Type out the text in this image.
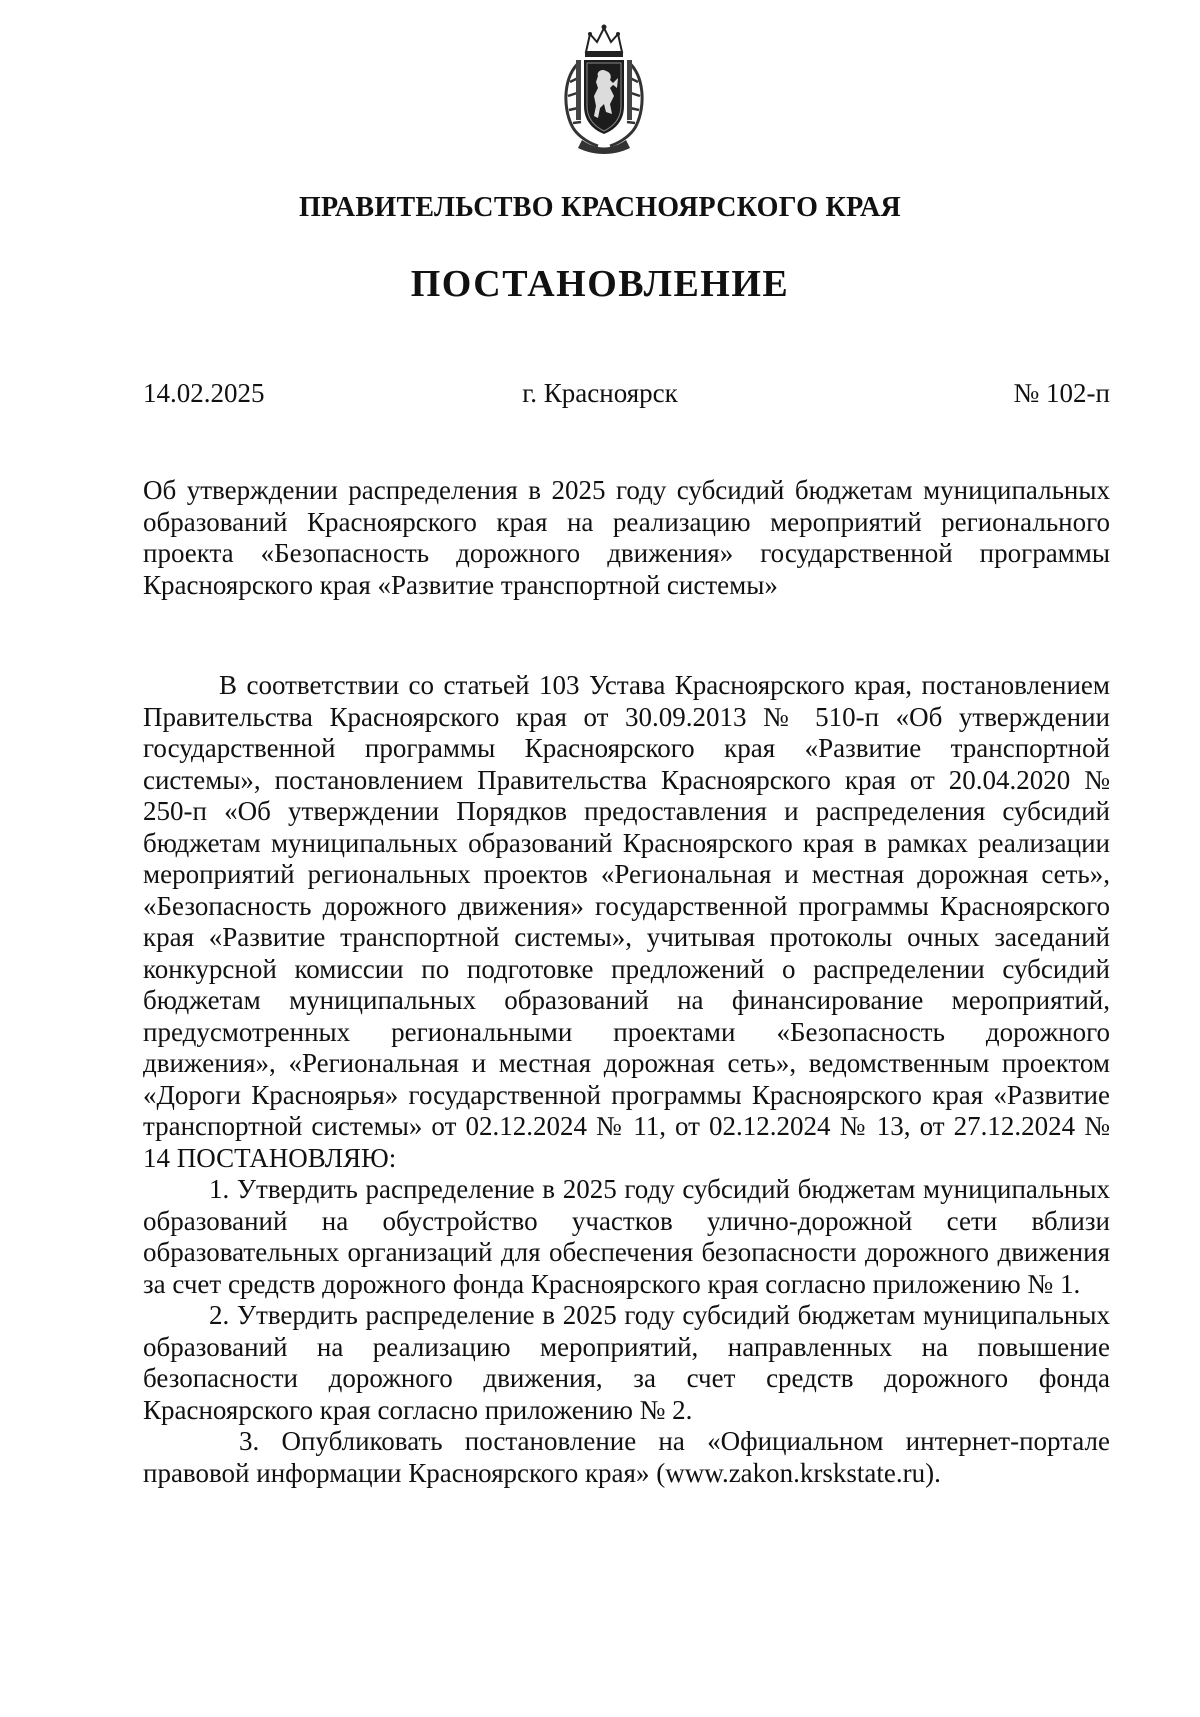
ПРАВИТЕЛЬСТВО КРАСНОЯРСКОГО КРАЯ
ПОСТАНОВЛЕНИЕ
14.02.2025	г. Красноярск	№ 102-п
Об утверждении распределения в 2025 году субсидий бюджетам муниципальных образований Красноярского края на реализацию мероприятий регионального проекта «Безопасность дорожного движения» государственной программы Красноярского края «Развитие транспортной системы»

В соответствии со статьей 103 Устава Красноярского края, постановлением Правительства Красноярского края от 30.09.2013 № 510-п «Об утверждении государственной программы Красноярского края «Развитие транспортной системы», постановлением Правительства Красноярского края от 20.04.2020 № 250-п «Об утверждении Порядков предоставления и распределения субсидий бюджетам муниципальных образований Красноярского края в рамках реализации мероприятий региональных проектов «Региональная и местная дорожная сеть», «Безопасность дорожного движения» государственной программы Красноярского края «Развитие транспортной системы», учитывая протоколы очных заседаний конкурсной комиссии по подготовке предложений о распределении субсидий бюджетам муниципальных образований на финансирование мероприятий, предусмотренных региональными проектами «Безопасность дорожного движения», «Региональная и местная дорожная сеть», ведомственным проектом «Дороги Красноярья» государственной программы Красноярского края «Развитие транспортной системы» от 02.12.2024 № 11, от 02.12.2024 № 13, от 27.12.2024 № 14 ПОСТАНОВЛЯЮ:

1. Утвердить распределение в 2025 году субсидий бюджетам муниципальных образований на обустройство участков улично-дорожной сети вблизи образовательных организаций для обеспечения безопасности дорожного движения за счет средств дорожного фонда Красноярского края согласно приложению № 1.

2. Утвердить распределение в 2025 году субсидий бюджетам муниципальных образований на реализацию мероприятий, направленных на повышение безопасности дорожного движения, за счет средств дорожного фонда Красноярского края согласно приложению № 2.

3. Опубликовать постановление на «Официальном интернет-портале правовой информации Красноярского края» (www.zakon.krskstate.ru).
